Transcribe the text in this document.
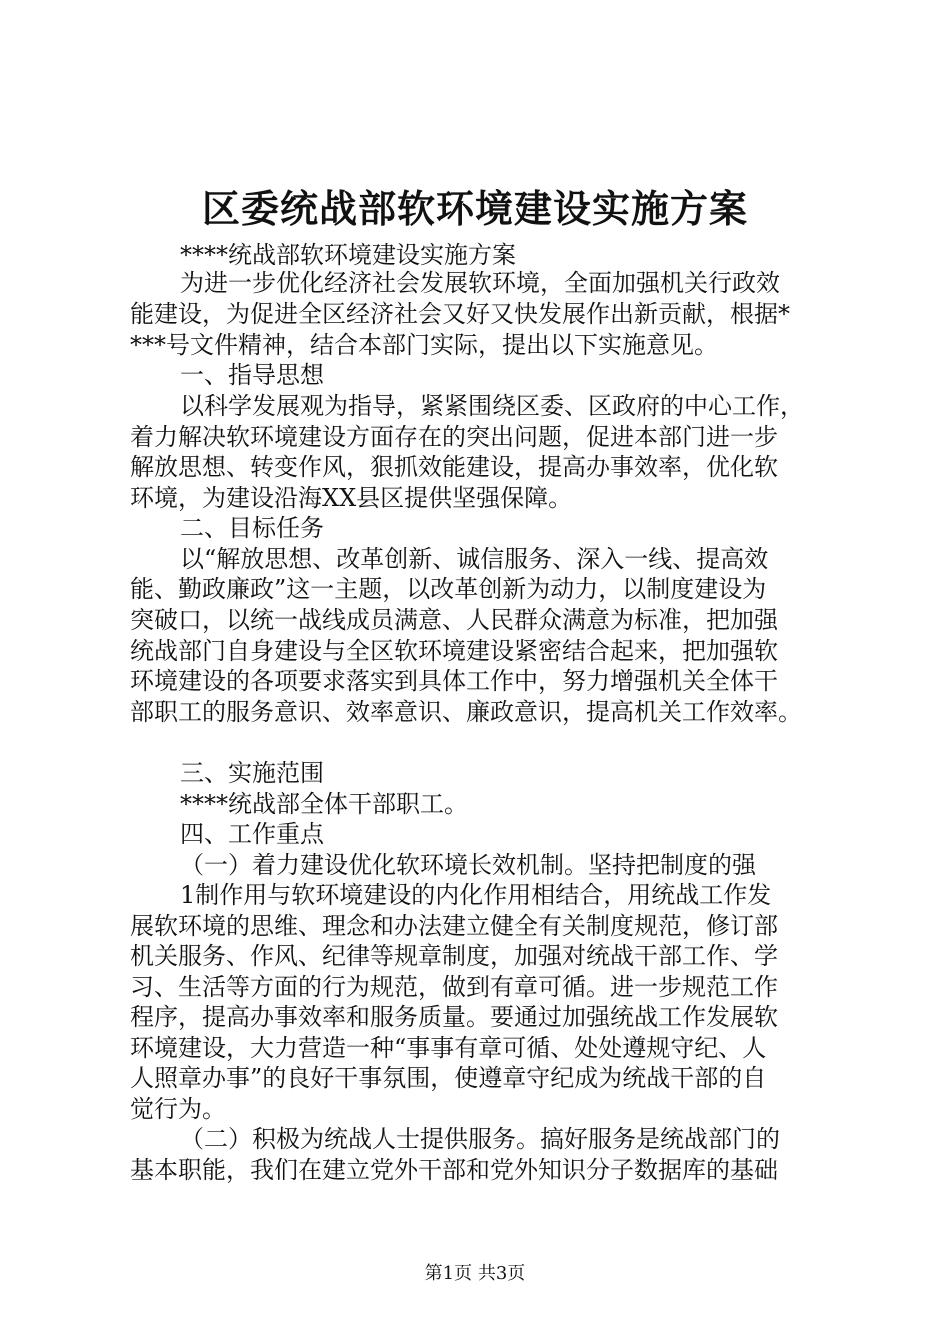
区委统战部软环境建设实施方案
****统战部软环境建设实施方案
为进一步优化经济社会发展软环境，全面加强机关行政效
能建设，为促进全区经济社会又好又快发展作出新贡献，根据*
***号文件精神，结合本部门实际，提出以下实施意见。
一、指导思想
以科学发展观为指导，紧紧围绕区委、区政府的中心工作，
着力解决软环境建设方面存在的突出问题，促进本部门进一步
解放思想、转变作风，狠抓效能建设，提高办事效率，优化软
环境，为建设沿海XX县区提供坚强保障。
二、目标任务
以“解放思想、改革创新、诚信服务、深入一线、提高效
能、勤政廉政”这一主题，以改革创新为动力，以制度建设为
突破口，以统一战线成员满意、人民群众满意为标准，把加强
统战部门自身建设与全区软环境建设紧密结合起来，把加强软
环境建设的各项要求落实到具体工作中，努力增强机关全体干
部职工的服务意识、效率意识、廉政意识，提高机关工作效率。
三、实施范围
****统战部全体干部职工。
四、工作重点
（一）着力建设优化软环境长效机制。坚持把制度的强
1制作用与软环境建设的内化作用相结合，用统战工作发
展软环境的思维、理念和办法建立健全有关制度规范，修订部
机关服务、作风、纪律等规章制度，加强对统战干部工作、学
习、生活等方面的行为规范，做到有章可循。进一步规范工作
程序，提高办事效率和服务质量。要通过加强统战工作发展软
环境建设，大力营造一种“事事有章可循、处处遵规守纪、人
人照章办事”的良好干事氛围，使遵章守纪成为统战干部的自
觉行为。
（二）积极为统战人士提供服务。搞好服务是统战部门的
基本职能，我们在建立党外干部和党外知识分子数据库的基础
第1页 共3页
